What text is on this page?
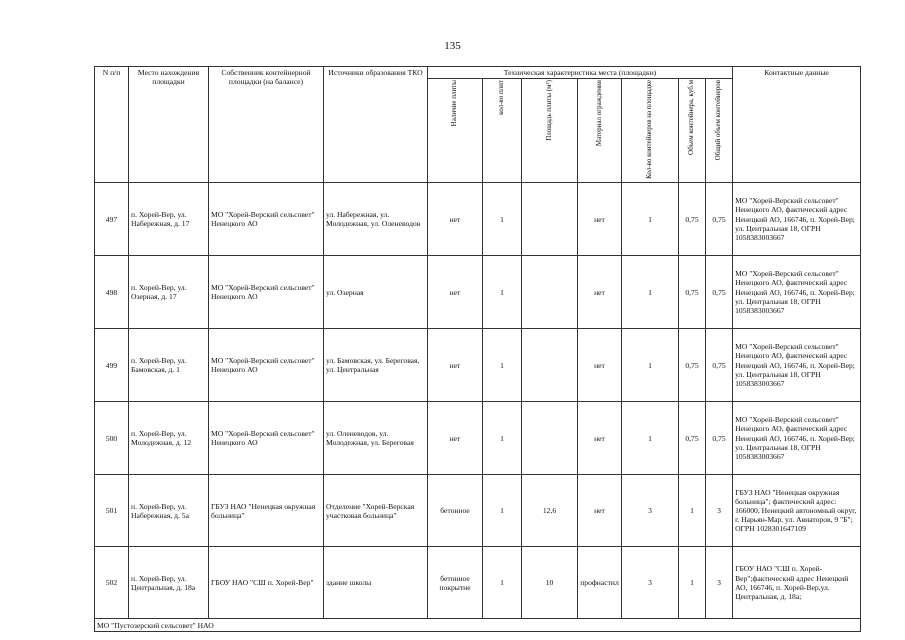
135
N п/п	Место нахождения площадки	Собственник контейнерной площадки (на балансе)	Источники образования ТКО	Техническая характеристика места (площадки)							Контактные данные
				Наличие плиты	кол-во плит	Площадь плиты (м²)	Материал ограждения	Кол-во контейнеров на площадке	Объем контейнера, куб.м	Общий объем контейнеров	
497	п. Хорей-Вер, ул. Набережная, д. 17	МО "Хорей-Верский сельсовет" Ненецкого АО	ул. Набережная, ул. Молодежная, ул. Оленеводов	нет	1		нет	1	0,75	0,75	МО "Хорей-Верский сельсовет" Ненецкого АО, фактический адрес Ненецкий АО, 166746, п. Хорей-Вер; ул. Центральная 18, ОГРН 1058383003667
498	п. Хорей-Вер, ул. Озерная, д. 17	МО "Хорей-Верский сельсовет" Ненецкого АО	ул. Озерная	нет	1		нет	1	0,75	0,75	МО "Хорей-Верский сельсовет" Ненецкого АО, фактический адрес Ненецкий АО, 166746, п. Хорей-Вер; ул. Центральная 18, ОГРН 1058383003667
499	п. Хорей-Вер, ул. Бамовская, д. 1	МО "Хорей-Верский сельсовет" Ненецкого АО	ул. Бамовская, ул. Береговая, ул. Центральная	нет	1		нет	1	0,75	0,75	МО "Хорей-Верский сельсовет" Ненецкого АО, фактический адрес Ненецкий АО, 166746, п. Хорей-Вер; ул. Центральная 18, ОГРН 1058383003667
500	п. Хорей-Вер, ул. Молодежная, д. 12	МО "Хорей-Верский сельсовет" Ненецкого АО	ул. Оленеводов, ул. Молодежная, ул. Береговая	нет	1		нет	1	0,75	0,75	МО "Хорей-Верский сельсовет" Ненецкого АО, фактический адрес Ненецкий АО, 166746, п. Хорей-Вер; ул. Центральная 18, ОГРН 1058383003667
501	п. Хорей-Вер, ул. Набережная, д. 5а	ГБУЗ НАО "Ненецкая окружная больница"	Отделение "Хорей-Верская участковая больница"	бетонное	1	12,6	нет	3	1	3	ГБУЗ НАО "Ненецкая окружная больница"; фактический адрес: 166000, Ненецкий автономный округ, г. Нарьян-Мар, ул. Авиаторов, 9 "Б"; ОГРН 1028301647109
502	п. Хорей-Вер, ул. Центральная, д. 18а	ГБОУ НАО "СШ п. Хорей-Вер"	здание школы	бетонное покрытие	1	10	профнастил	3	1	3	ГБОУ НАО "СШ п. Хорей-Вер";фактический адрес Ненецкий АО, 166746, п. Хорей-Вер,ул. Центральная, д. 18а;
МО "Пустозерский сельсовет" НАО											
